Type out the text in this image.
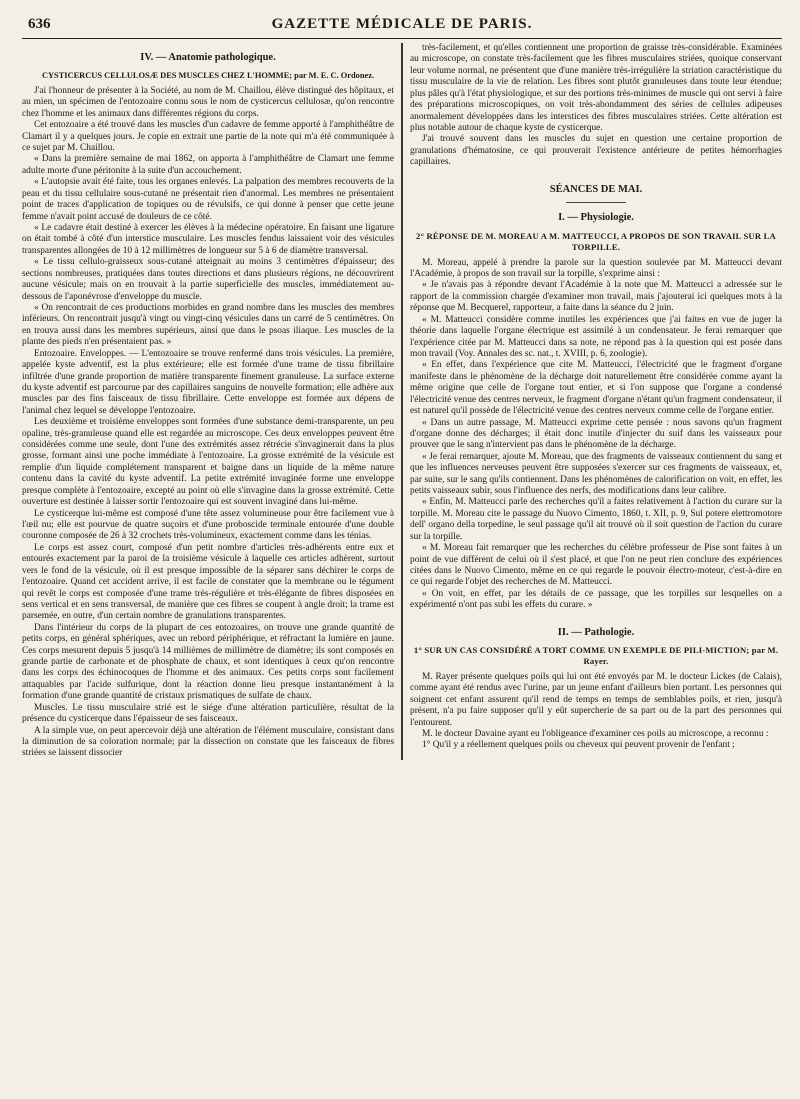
636	GAZETTE MÉDICALE DE PARIS.
IV. — Anatomie pathologique.
CYSTICERCUS CELLULOSÆ DES MUSCLES CHEZ L'HOMME; par M. E. C. Ordonez.

J'ai l'honneur de présenter à la Société, au nom de M. Chaillou, élève distingué des hôpitaux, et au mien, un spécimen de l'entozoaire connu sous le nom de cysticercus cellulosæ, qu'on rencontre chez l'homme et les animaux dans différentes régions du corps.

Cet entozoaire a été trouvé dans les muscles d'un cadavre de femme apporté à l'amphithéâtre de Clamart il y a quelques jours. Je copie en extrait une partie de la note qui m'a été communiquée à ce sujet par M. Chaillou.

« Dans la première semaine de mai 1862, on apporta à l'amphithéâtre de Clamart une femme adulte morte d'une péritonite à la suite d'un accouchement.

« L'autopsie avait été faite, tous les organes enlevés. La palpation des membres recouverts de la peau et du tissu cellulaire sous-cutané ne présentait rien d'anormal. Les membres ne présentaient point de traces d'application de topiques ou de révulsifs, ce qui donne à penser que cette jeune femme n'avait point accusé de douleurs de ce côté.

« Le cadavre était destiné à exercer les élèves à la médecine opératoire. En faisant une ligature on était tombé à côté d'un interstice musculaire. Les muscles fendus laissaient voir des vésicules transparentes allongées de 10 à 12 millimètres de longueur sur 5 à 6 de diamètre transversal.

« Le tissu cellulo-graisseux sous-cutané atteignait au moins 3 centimètres d'épaisseur; des sections nombreuses, pratiquées dans toutes directions et dans plusieurs régions, ne découvrirent aucune vésicule; mais on en trouvait à la partie superficielle des muscles, immédiatement au-dessous de l'aponévrose d'enveloppe du muscle.

« On rencontrait de ces productions morbides en grand nombre dans les muscles des membres inférieurs. On rencontrait jusqu'à vingt ou vingt-cinq vésicules dans un carré de 5 centimètres. On en trouva aussi dans les membres supérieurs, ainsi que dans le psoas iliaque. Les muscles de la plante des pieds n'en présentaient pas. »

Entozoaire. Enveloppes. — L'entozoaire se trouve renfermé dans trois vésicules. La première, appelée kyste adventif, est la plus extérieure; elle est formée d'une trame de tissu fibrillaire infiltrée d'une grande proportion de matière transparente finement granuleuse. La surface externe du kyste adventif est parcourue par des capillaires sanguins de nouvelle formation; elle adhère aux muscles par des fins faisceaux de tissu fibrillaire. Cette enveloppe est formée aux dépens de l'animal chez lequel se développe l'entozoaire.

Les deuxième et troisième enveloppes sont formées d'une substance demi-transparente, un peu opaline, très-granuleuse quand elle est regardée au microscope. Ces deux enveloppes peuvent être considérées comme une seule, dont l'une des extrémités assez rétrécie s'invaginerait dans la plus grosse, formant ainsi une poche immédiate à l'entozoaire. La grosse extrémité de la vésicule est remplie d'un liquide complétement transparent et baigne dans un liquide de la même nature contenu dans la cavité du kyste adventif. La petite extrémité invaginée forme une enveloppe presque complète à l'entozoaire, excepté au point où elle s'invagine dans la grosse extrémité. Cette ouverture est destinée à laisser sortir l'entozoaire qui est souvent invaginé dans lui-même.

Le cysticerque lui-même est composé d'une tête assez volumineuse pour être facilement vue à l'œil nu; elle est pourvue de quatre suçoirs et d'une proboscide terminale entourée d'une double couronne composée de 26 à 32 crochets très-volumineux, exactement comme dans les ténias.

Le corps est assez court, composé d'un petit nombre d'articles très-adhérents entre eux et entourés exactement par la paroi de la troisième vésicule à laquelle ces articles adhèrent, surtout vers le fond de la vésicule, où il est presque impossible de la séparer sans déchirer le corps de l'entozoaire. Quand cet accident arrive, il est facile de constater que la membrane ou le tégument qui revêt le corps est composée d'une trame très-régulière et très-élégante de fibres disposées en sens vertical et en sens transversal, de manière que ces fibres se coupent à angle droit; la trame est parsemée, en outre, d'un certain nombre de granulations transparentes.

Dans l'intérieur du corps de la plupart de ces entozoaires, on trouve une grande quantité de petits corps, en général sphériques, avec un rebord périphérique, et réfractant la lumière en jaune. Ces corps mesurent depuis 5 jusqu'à 14 millièmes de millimètre de diamètre; ils sont composés en grande partie de carbonate et de phosphate de chaux, et sont identiques à ceux qu'on rencontre dans les corps des échinocoques de l'homme et des animaux. Ces petits corps sont facilement attaquables par l'acide sulfurique, dont la réaction donne lieu presque instantanément à la formation d'une grande quantité de cristaux prismatiques de sulfate de chaux.

Muscles. Le tissu musculaire strié est le siége d'une altération particulière, résultat de la présence du cysticerque dans l'épaisseur de ses faisceaux.

A la simple vue, on peut apercevoir déjà une altération de l'élément musculaire, consistant dans la diminution de sa coloration normale; par la dissection on constate que les faisceaux de fibres striées se laissent dissocier

très-facilement, et qu'elles contiennent une proportion de graisse très-considérable. Examinées au microscope, on constate très-facilement que les fibres musculaires striées, quoique conservant leur volume normal, ne présentent que d'une manière très-irrégulière la striation caractéristique du tissu musculaire de la vie de relation. Les fibres sont plutôt granuleuses dans toute leur étendue; plus pâles qu'à l'état physiologique, et sur des portions très-minimes de muscle qui ont servi à faire des préparations microscopiques, on voit très-abondamment des séries de cellules adipeuses anormalement développées dans les interstices des fibres musculaires striées. Cette altération est plus notable autour de chaque kyste de cysticerque.

J'ai trouvé souvent dans les muscles du sujet en question une certaine proportion de granulations d'hématosine, ce qui prouverait l'existence antérieure de petites hémorrhagies capillaires.

SÉANCES DE MAI.
I. — Physiologie.
2° RÉPONSE DE M. MOREAU A M. MATTEUCCI, A PROPOS DE SON TRAVAIL SUR LA TORPILLE.

M. Moreau, appelé à prendre la parole sur la question soulevée par M. Matteucci devant l'Académie, à propos de son travail sur la torpille, s'exprime ainsi :

« Je n'avais pas à répondre devant l'Académie à la note que M. Matteucci a adressée sur le rapport de la commission chargée d'examiner mon travail, mais j'ajouterai ici quelques mots à la réponse que M. Becquerel, rapporteur, a faite dans la séance du 2 juin.

« M. Matteucci considère comme inutiles les expériences que j'ai faites en vue de juger la théorie dans laquelle l'organe électrique est assimilé à un condensateur. Je ferai remarquer que l'expérience citée par M. Matteucci dans sa note, ne répond pas à la question qui est posée dans mon travail (Voy. Annales des sc. nat., t. XVIII, p. 6, zoologie).

« En effet, dans l'expérience que cite M. Matteucci, l'électricité que le fragment d'organe manifeste dans le phénomène de la décharge doit naturellement être considérée comme ayant la même origine que celle de l'organe tout entier, et si l'on suppose que l'organe a condensé l'électricité venue des centres nerveux, le fragment d'organe n'étant qu'un fragment condensateur, il est naturel qu'il possède de l'électricité venue des centres nerveux comme celle de l'organe entier.

« Dans un autre passage, M. Matteucci exprime cette pensée : nous savons qu'un fragment d'organe donne des décharges; il était donc inutile d'injecter du suif dans les vaisseaux pour prouver que le sang n'intervient pas dans le phénomène de la décharge.

« Je ferai remarquer, ajoute M. Moreau, que des fragments de vaisseaux contiennent du sang et que les influences nerveuses peuvent être supposées s'exercer sur ces fragments de vaisseaux, et, par suite, sur le sang qu'ils contiennent. Dans les phénomènes de calorification on voit, en effet, les petits vaisseaux subir, sous l'influence des nerfs, des modifications dans leur calibre.

« Enfin, M. Matteucci parle des recherches qu'il a faites relativement à l'action du curare sur la torpille. M. Moreau cite le passage du Nuovo Cimento, 1860, t. XII, p. 9, Sul potere elettromotore dell' organo della torpedine, le seul passage qu'il ait trouvé où il soit question de l'action du curare sur la torpille.

« M. Moreau fait remarquer que les recherches du célèbre professeur de Pise sont faites à un point de vue différent de celui où il s'est placé, et que l'on ne peut rien conclure des expériences citées dans le Nuovo Cimento, même en ce qui regarde le pouvoir électro-moteur, c'est-à-dire en ce qui regarde l'objet des recherches de M. Matteucci.

« On voit, en effet, par les détails de ce passage, que les torpilles sur lesquelles on a expérimenté n'ont pas subi les effets du curare. »

II. — Pathologie.
1° SUR UN CAS CONSIDÉRÉ A TORT COMME UN EXEMPLE DE PILI-MICTION; par M. Rayer.

M. Rayer présente quelques poils qui lui ont été envoyés par M. le docteur Lickes (de Calais), comme ayant été rendus avec l'urine, par un jeune enfant d'ailleurs bien portant. Les personnes qui soignent cet enfant assurent qu'il rend de temps en temps de semblables poils, et rien, jusqu'à présent, n'a pu faire supposer qu'il y eût supercherie de sa part ou de la part des personnes qui l'entourent.

M. le docteur Davaine ayant eu l'obligeance d'examiner ces poils au microscope, a reconnu :

1° Qu'il y a réellement quelques poils ou cheveux qui peuvent provenir de l'enfant ;
